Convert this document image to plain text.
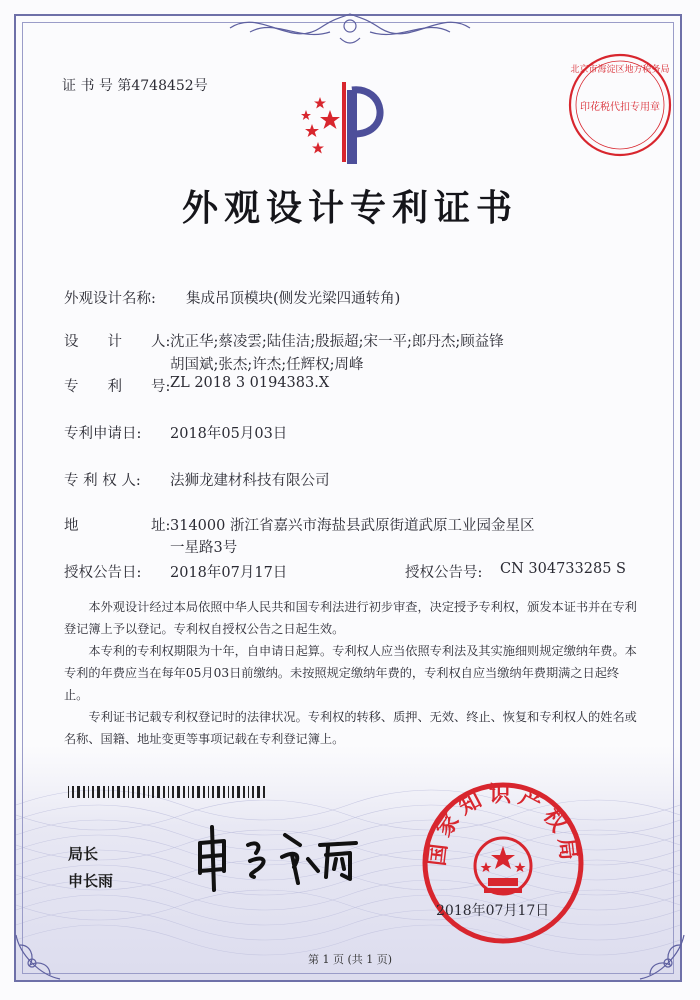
证 书 号 第4748452号
北京市海淀区地方税务局
印花税代扣专用章
外观设计专利证书
外观设计名称: 集成吊顶模块(侧发光梁四通转角)
设　　计　　人: 沈正华;蔡凌雲;陆佳洁;殷振超;宋一平;郎丹杰;顾益锋
胡国斌;张杰;许杰;任辉权;周峰
专　　利　　号: ZL 2018 3 0194383.X
专利申请日: 2018年05月03日
专 利 权 人: 法狮龙建材科技有限公司
地　　　　　址: 314000 浙江省嘉兴市海盐县武原街道武原工业园金星区
一星路3号
授权公告日: 2018年07月17日	授权公告号: CN 304733285 S

本外观设计经过本局依照中华人民共和国专利法进行初步审查，决定授予专利权，颁发本证书并在专利登记簿上予以登记。专利权自授权公告之日起生效。

本专利的专利权期限为十年，自申请日起算。专利权人应当依照专利法及其实施细则规定缴纳年费。本专利的年费应当在每年05月03日前缴纳。未按照规定缴纳年费的，专利权自应当缴纳年费期满之日起终止。

专利证书记载专利权登记时的法律状况。专利权的转移、质押、无效、终止、恢复和专利权人的姓名或名称、国籍、地址变更等事项记载在专利登记簿上。

局长
申长雨
国家知识产权局
2018年07月17日
第 1 页 (共 1 页)
